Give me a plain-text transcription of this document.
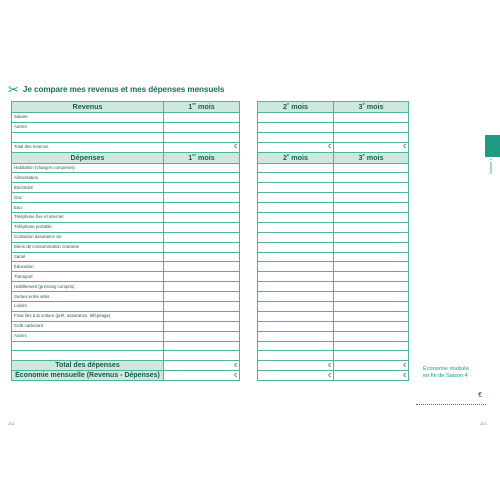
✂ Je compare mes revenus et mes dépenses mensuels
Revenus	1er mois		2e mois	3e mois
Salaire				
Autres				

Total des revenus	€		€	€
Dépenses	1er mois		2e mois	3e mois
Habitation (charges comprises)				
Alimentation				
Électricité				
Gaz				
Eau				
Téléphone fixe et internet				
Téléphone portable				
Cotisation assurance vie				
Biens de consommation courante				
Santé				
Éducation				
Transport				
Habillement (pressing compris)				
Sorties entre amis				
Loisirs				
Frais liés à la voiture (prêt, assurance, télépéage)				
Coût carburant				
Autres				

Total des dépenses	€		€	€
Économie mensuelle (Revenus - Dépenses)	€		€	€
Saison 4
Économie réalisée
en fin de Saison 4
€
262	263
